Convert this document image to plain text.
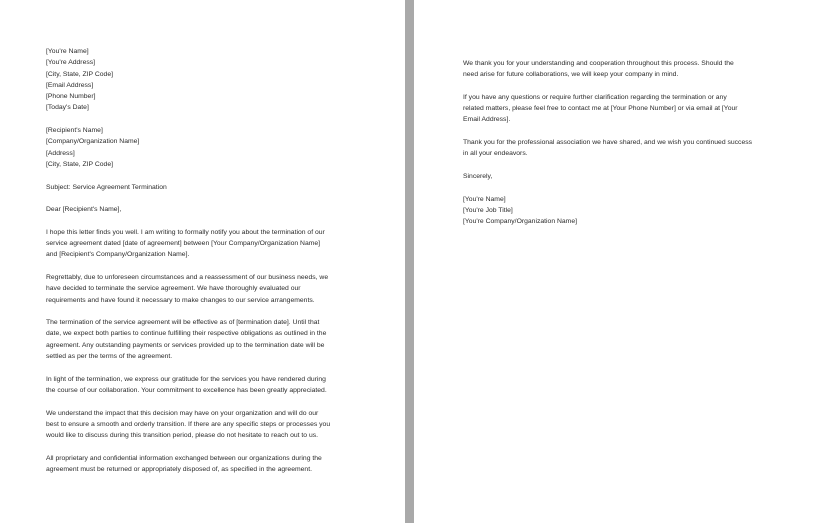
[You're Name]
[You're Address]
[City, State, ZIP Code]
[Email Address]
[Phone Number]
[Today's Date]
[Recipient's Name]
[Company/Organization Name]
[Address]
[City, State, ZIP Code]
Subject: Service Agreement Termination
Dear [Recipient's Name],
I hope this letter finds you well. I am writing to formally notify you about the termination of our
service agreement dated [date of agreement] between [Your Company/Organization Name]
and [Recipient's Company/Organization Name].
Regrettably, due to unforeseen circumstances and a reassessment of our business needs, we
have decided to terminate the service agreement. We have thoroughly evaluated our
requirements and have found it necessary to make changes to our service arrangements.
The termination of the service agreement will be effective as of [termination date]. Until that
date, we expect both parties to continue fulfilling their respective obligations as outlined in the
agreement. Any outstanding payments or services provided up to the termination date will be
settled as per the terms of the agreement.
In light of the termination, we express our gratitude for the services you have rendered during
the course of our collaboration. Your commitment to excellence has been greatly appreciated.
We understand the impact that this decision may have on your organization and will do our
best to ensure a smooth and orderly transition. If there are any specific steps or processes you
would like to discuss during this transition period, please do not hesitate to reach out to us.
All proprietary and confidential information exchanged between our organizations during the
agreement must be returned or appropriately disposed of, as specified in the agreement.
We thank you for your understanding and cooperation throughout this process. Should the
need arise for future collaborations, we will keep your company in mind.
If you have any questions or require further clarification regarding the termination or any
related matters, please feel free to contact me at [Your Phone Number] or via email at [Your
Email Address].
Thank you for the professional association we have shared, and we wish you continued success
in all your endeavors.
Sincerely,
[You're Name]
[You're Job Title]
[You're Company/Organization Name]
